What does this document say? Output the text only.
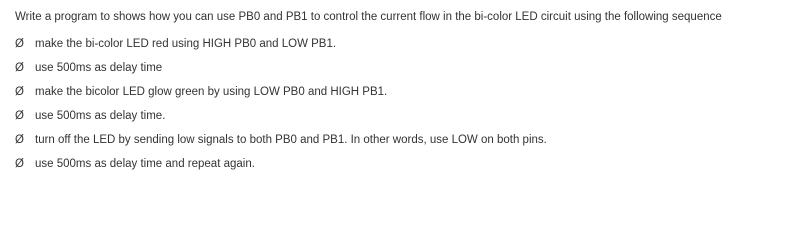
Write a program to shows how you can use PB0 and PB1 to control the current flow in the bi-color LED circuit using the following sequence
Ø make the bi-color LED red using HIGH PB0 and LOW PB1.
Ø use 500ms as delay time
Ø make the bicolor LED glow green by using LOW PB0 and HIGH PB1.
Ø use 500ms as delay time.
Ø turn off the LED by sending low signals to both PB0 and PB1. In other words, use LOW on both pins.
Ø use 500ms as delay time and repeat again.
